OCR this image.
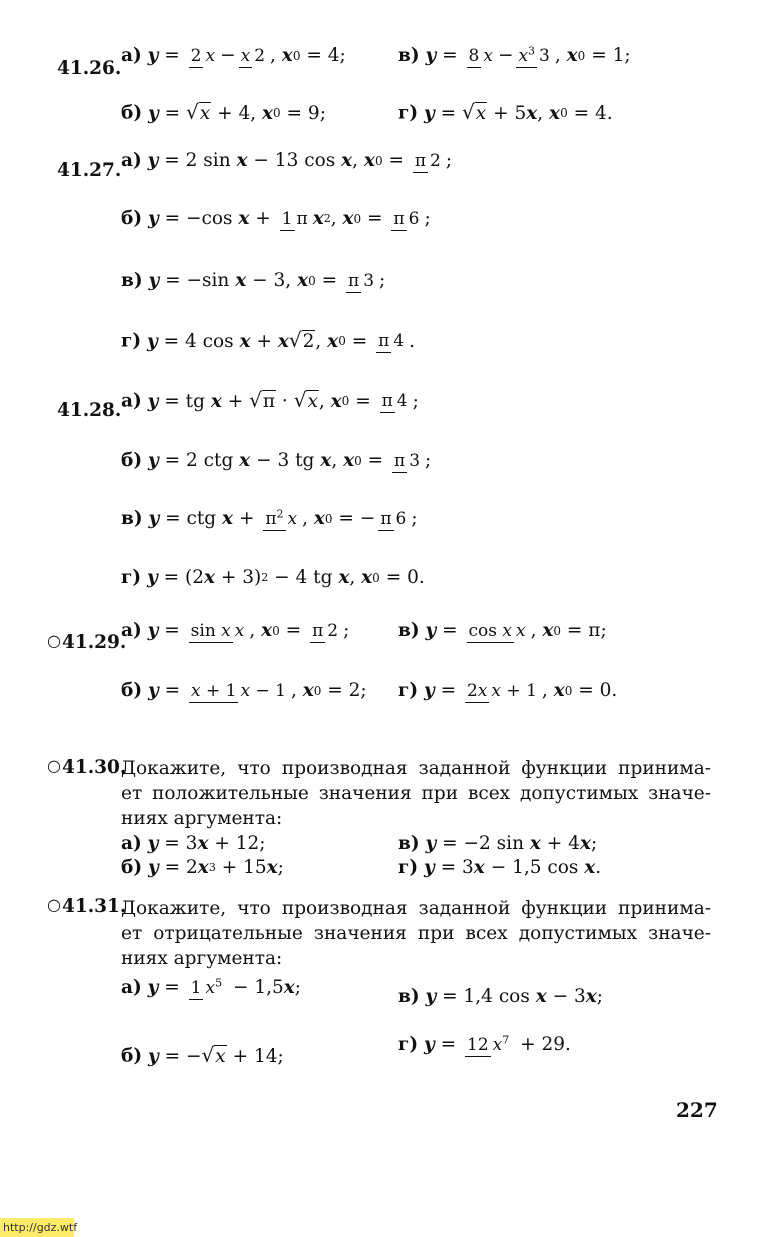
41.26.
а) y = 2 x − x 2 , x 0 = 4;	в) y = 8 $x - x^3$ 3 , x 0 = 1;
б) y = √x + 4, x 0 = 9;	г) y = √x + 5 x , x 0 = 4.
41.27. а) y = 2 sin x − 13 cos x , x 0 = π 2 ;
б) y = −cos x + 1 π x 2 , x 0 = π 6 ;
в) y = −sin x − 3, x 0 = π 3 ;
г) y = 4 cos x + x √2 , x 0 = π 4 .
41.28. а) y = tg x + √π · √x , x 0 = π 4 ;
б) y = 2 ctg x − 3 tg x , x 0 = π 3 ;
в) y = ctg $x + \pi^2$ x , x 0 = − π 6 ;
г) y = (2 x + 3) 2 − 4 tg x , x 0 = 0.
○41.29.
а) y = sin x x , x 0 = π 2 ;	в) y = cos x x , x 0 = π;
б) y = x + 1 x − 1 , x 0 = 2; г) y = 2x x + 1 , x 0 = 0.
○41.30.
Докажите, что производная заданной функции принима- ет положительные значения при всех допустимых значе- ниях аргумента:
а) y = 3 x + 12;	в) y = −2 sin x + 4 x ;
б) y = 2 x 3 + 15 x ;	г) y = 3 x − 1,5 cos x .
○41.31.
Докажите, что производная заданной функции принима- ет отрицательные значения при всех допустимых значе- ниях аргумента:
а) y = 1 $x^5 - 1,5$ x ;	в) y = 1,4 cos x − 3 x ;
б) y = − √x + 14;
г) y = 12 $x^7 + 29$.
227
http://gdz.wtf
